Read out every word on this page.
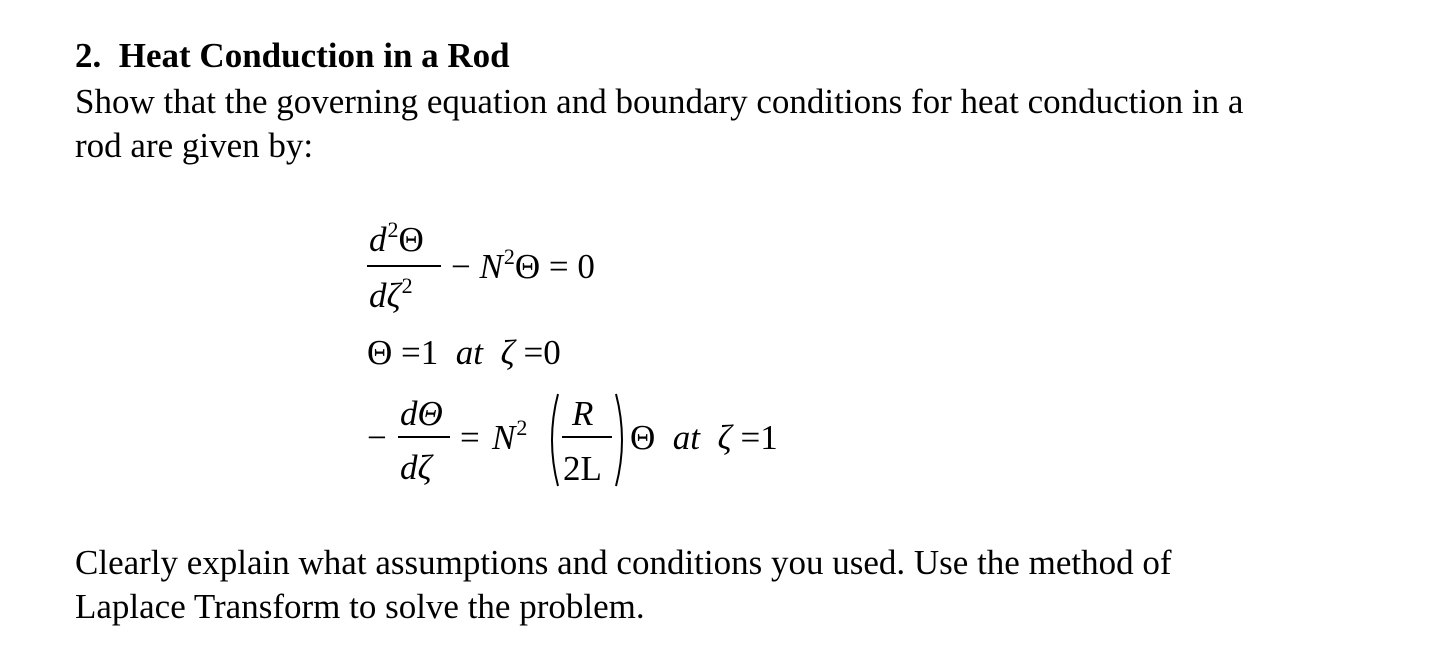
2. Heat Conduction in a Rod
Show that the governing equation and boundary conditions for heat conduction in a
rod are given by:
$d^2\Theta$
$d\zeta^2 - N^2\Theta = 0$
Θ =1 at ζ =0
−
dΘ
dζ
= $N^2$ R
2L
Θ at ζ =1
Clearly explain what assumptions and conditions you used. Use the method of
Laplace Transform to solve the problem.
